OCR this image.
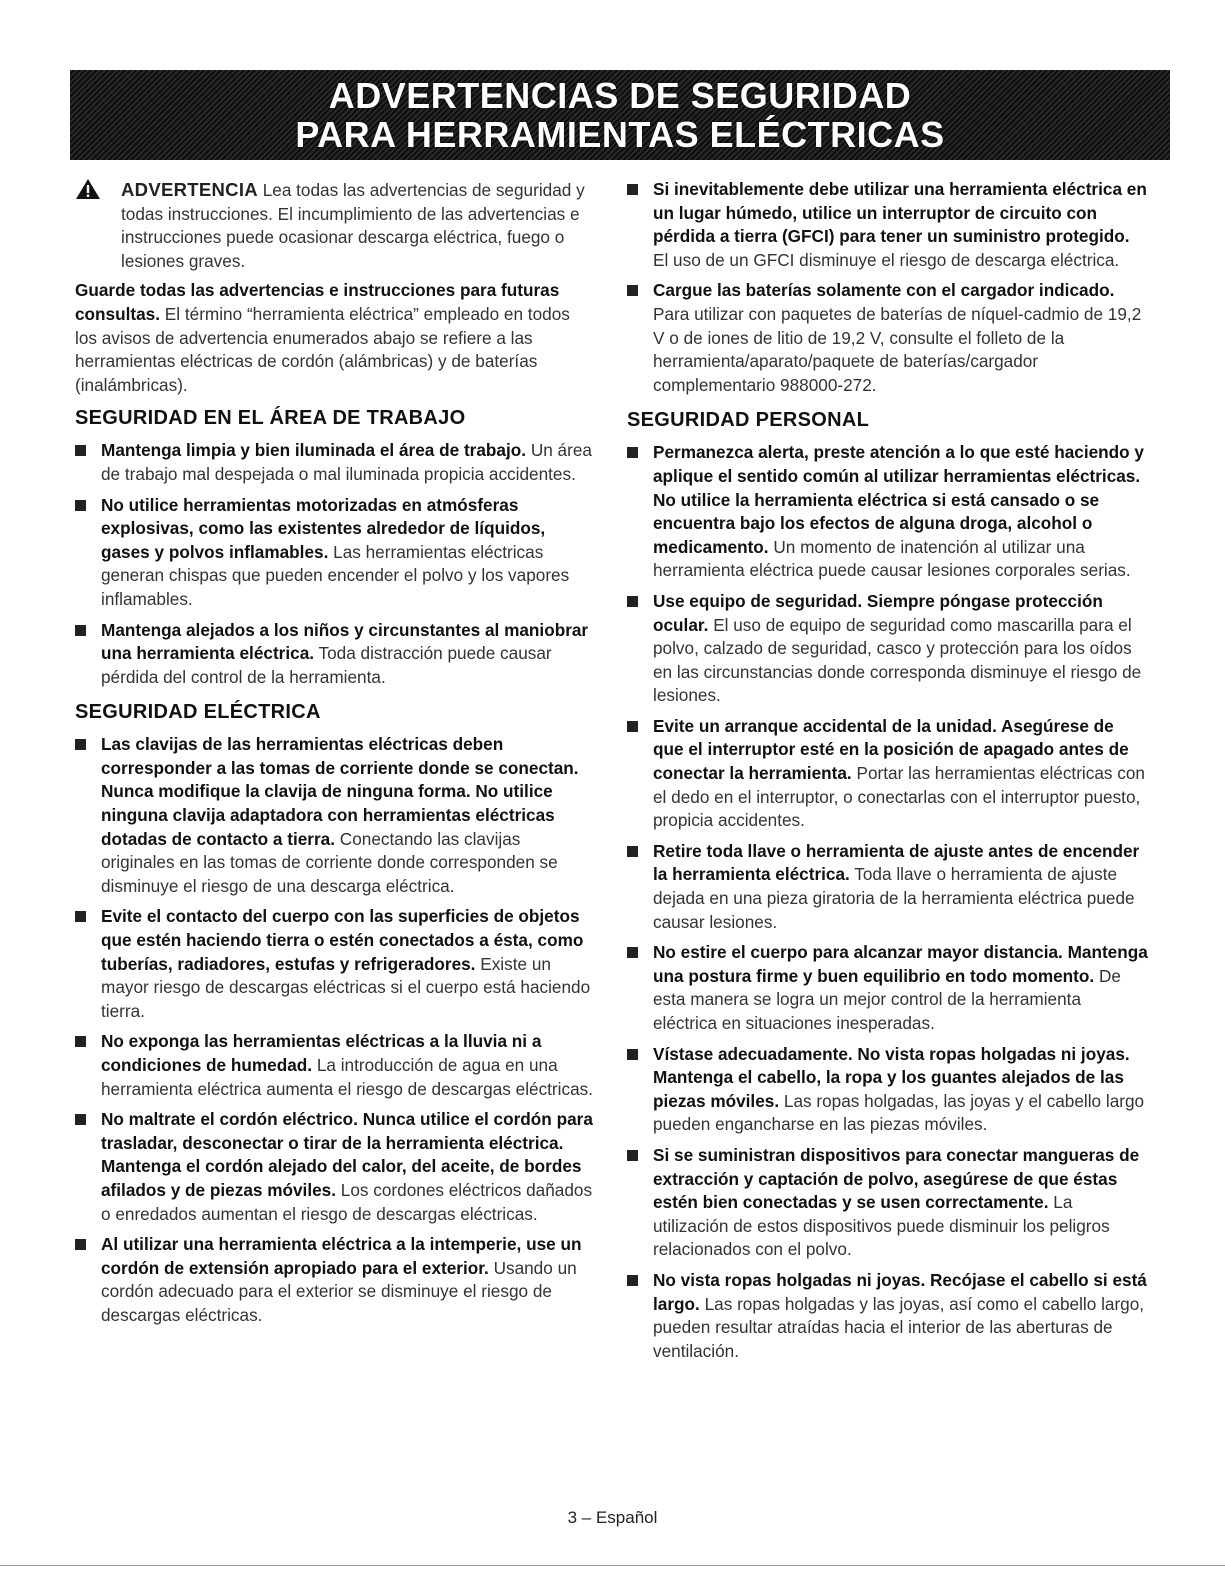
ADVERTENCIAS DE SEGURIDAD
PARA HERRAMIENTAS ELÉCTRICAS

ADVERTENCIA Lea todas las advertencias de seguridad y todas instrucciones. El incumplimiento de las advertencias e instrucciones puede ocasionar descarga eléctrica, fuego o lesiones graves.

Guarde todas las advertencias e instrucciones para futuras consultas. El término “herramienta eléctrica” empleado en todos los avisos de advertencia enumerados abajo se refiere a las herramientas eléctricas de cordón (alámbricas) y de baterías (inalámbricas).

SEGURIDAD EN EL ÁREA DE TRABAJO
Mantenga limpia y bien iluminada el área de trabajo. Un área de trabajo mal despejada o mal iluminada propicia accidentes.
No utilice herramientas motorizadas en atmósferas explosivas, como las existentes alrededor de líquidos, gases y polvos inflamables. Las herramientas eléctricas generan chispas que pueden encender el polvo y los vapores inflamables.
Mantenga alejados a los niños y circunstantes al maniobrar una herramienta eléctrica. Toda distracción puede causar pérdida del control de la herramienta.
SEGURIDAD ELÉCTRICA
Las clavijas de las herramientas eléctricas deben corresponder a las tomas de corriente donde se conectan. Nunca modifique la clavija de ninguna forma. No utilice ninguna clavija adaptadora con herramientas eléctricas dotadas de contacto a tierra. Conectando las clavijas originales en las tomas de corriente donde corresponden se disminuye el riesgo de una descarga eléctrica.
Evite el contacto del cuerpo con las superficies de objetos que estén haciendo tierra o estén conectados a ésta, como tuberías, radiadores, estufas y refrigeradores. Existe un mayor riesgo de descargas eléctricas si el cuerpo está haciendo tierra.
No exponga las herramientas eléctricas a la lluvia ni a condiciones de humedad. La introducción de agua en una herramienta eléctrica aumenta el riesgo de descargas eléctricas.
No maltrate el cordón eléctrico. Nunca utilice el cordón para trasladar, desconectar o tirar de la herramienta eléctrica. Mantenga el cordón alejado del calor, del aceite, de bordes afilados y de piezas móviles. Los cordones eléctricos dañados o enredados aumentan el riesgo de descargas eléctricas.
Al utilizar una herramienta eléctrica a la intemperie, use un cordón de extensión apropiado para el exterior. Usando un cordón adecuado para el exterior se disminuye el riesgo de descargas eléctricas.
Si inevitablemente debe utilizar una herramienta eléctrica en un lugar húmedo, utilice un interruptor de circuito con pérdida a tierra (GFCI) para tener un suministro protegido. El uso de un GFCI disminuye el riesgo de descarga eléctrica.
Cargue las baterías solamente con el cargador indicado. Para utilizar con paquetes de baterías de níquel-cadmio de 19,2 V o de iones de litio de 19,2 V, consulte el folleto de la herramienta/aparato/paquete de baterías/cargador complementario 988000-272.
SEGURIDAD PERSONAL
Permanezca alerta, preste atención a lo que esté haciendo y aplique el sentido común al utilizar herramientas eléctricas. No utilice la herramienta eléctrica si está cansado o se encuentra bajo los efectos de alguna droga, alcohol o medicamento. Un momento de inatención al utilizar una herramienta eléctrica puede causar lesiones corporales serias.
Use equipo de seguridad. Siempre póngase protección ocular. El uso de equipo de seguridad como mascarilla para el polvo, calzado de seguridad, casco y protección para los oídos en las circunstancias donde corresponda disminuye el riesgo de lesiones.
Evite un arranque accidental de la unidad. Asegúrese de que el interruptor esté en la posición de apagado antes de conectar la herramienta. Portar las herramientas eléctricas con el dedo en el interruptor, o conectarlas con el interruptor puesto, propicia accidentes.
Retire toda llave o herramienta de ajuste antes de encender la herramienta eléctrica. Toda llave o herramienta de ajuste dejada en una pieza giratoria de la herramienta eléctrica puede causar lesiones.
No estire el cuerpo para alcanzar mayor distancia. Mantenga una postura firme y buen equilibrio en todo momento. De esta manera se logra un mejor control de la herramienta eléctrica en situaciones inesperadas.
Vístase adecuadamente. No vista ropas holgadas ni joyas. Mantenga el cabello, la ropa y los guantes alejados de las piezas móviles. Las ropas holgadas, las joyas y el cabello largo pueden engancharse en las piezas móviles.
Si se suministran dispositivos para conectar mangueras de extracción y captación de polvo, asegúrese de que éstas estén bien conectadas y se usen correctamente. La utilización de estos dispositivos puede disminuir los peligros relacionados con el polvo.
No vista ropas holgadas ni joyas. Recójase el cabello si está largo. Las ropas holgadas y las joyas, así como el cabello largo, pueden resultar atraídas hacia el interior de las aberturas de ventilación.
3 – Español
